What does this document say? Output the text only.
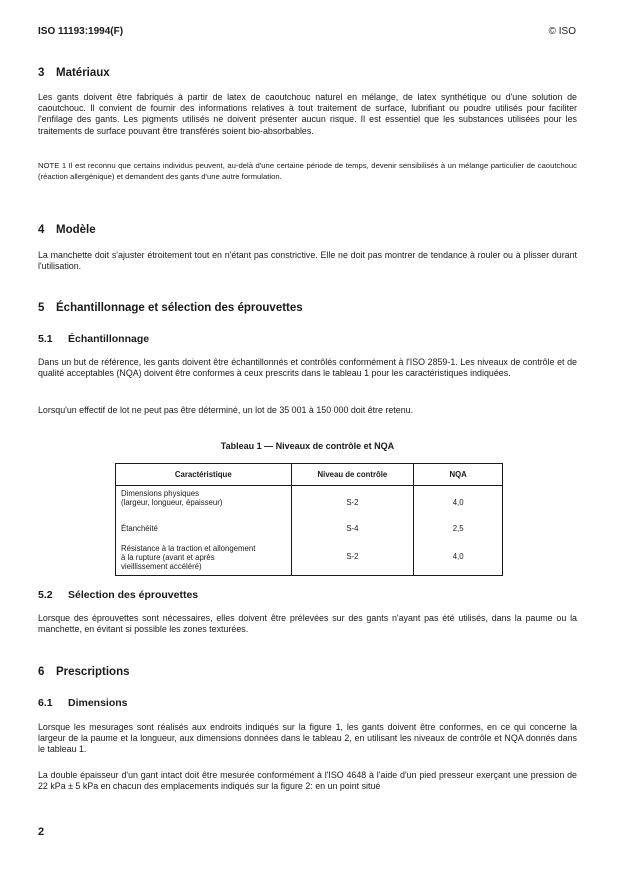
ISO 11193:1994(F)	© ISO
3 Matériaux
Les gants doivent être fabriqués à partir de latex de caoutchouc naturel en mélange, de latex synthétique ou d'une solution de caoutchouc. Il convient de fournir des informations relatives à tout traitement de surface, lubrifiant ou poudre utilisés pour faciliter l'enfilage des gants. Les pigments utilisés ne doivent présenter aucun risque. Il est essentiel que les substances utilisées pour les traitements de surface pouvant être transférés soient bio-absorbables.
NOTE 1 Il est reconnu que certains individus peuvent, au-delà d'une certaine période de temps, devenir sensibilisés à un mélange particulier de caoutchouc (réaction allergénique) et demandent des gants d'une autre formulation.
4 Modèle
La manchette doit s'ajuster étroitement tout en n'étant pas constrictive. Elle ne doit pas montrer de tendance à rouler ou à plisser durant l'utilisation.
5 Échantillonnage et sélection des éprouvettes
5.1 Échantillonnage
Dans un but de référence, les gants doivent être échantillonnés et contrôlés conformément à l'ISO 2859-1. Les niveaux de contrôle et de qualité acceptables (NQA) doivent être conformes à ceux prescrits dans le tableau 1 pour les caractéristiques indiquées.
Lorsqu'un effectif de lot ne peut pas être déterminé, un lot de 35 001 à 150 000 doit être retenu.
Tableau 1 — Niveaux de contrôle et NQA
Caractéristique	Niveau de contrôle	NQA

Dimensions physiques
(largeur, longueur, épaisseur)	S-2	4,0

Étanchéité	S-4	2,5

Résistance à la traction et allongement
à la rupture (avant et après
vieillissement accéléré)	S-2	4,0
5.2 Sélection des éprouvettes
Lorsque des éprouvettes sont nécessaires, elles doivent être prélevées sur des gants n'ayant pas été utilisés, dans la paume ou la manchette, en évitant si possible les zones texturées.
6 Prescriptions
6.1 Dimensions
Lorsque les mesurages sont réalisés aux endroits indiqués sur la figure 1, les gants doivent être conformes, en ce qui concerne la largeur de la paume et la longueur, aux dimensions données dans le tableau 2, en utilisant les niveaux de contrôle et NQA donnés dans le tableau 1.
La double épaisseur d'un gant intact doit être mesurée conformément à l'ISO 4648 à l'aide d'un pied presseur exerçant une pression de 22 kPa ± 5 kPa en chacun des emplacements indiqués sur la figure 2: en un point situé
2
